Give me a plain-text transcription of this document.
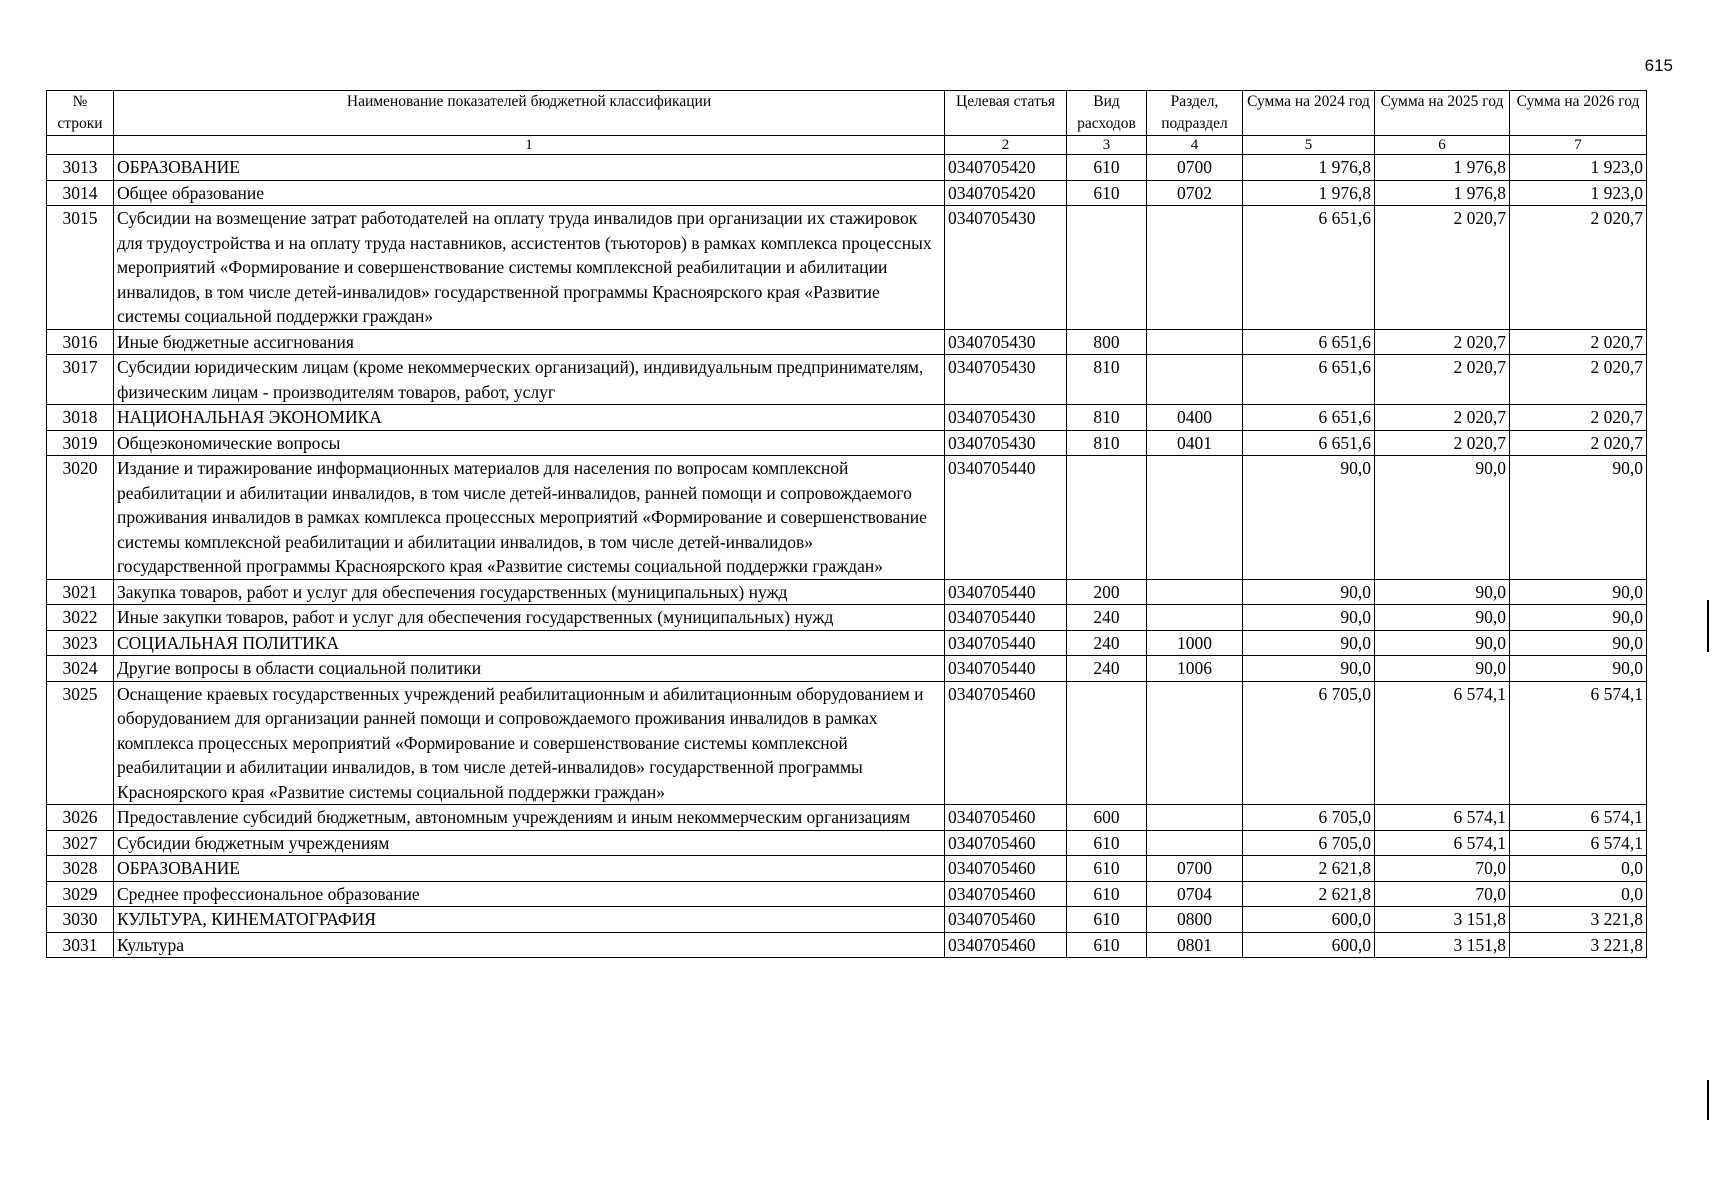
615
№ строки	Наименование показателей бюджетной классификации	Целевая статья	Вид расходов	Раздел, подраздел	Сумма на 2024 год	Сумма на 2025 год	Сумма на 2026 год
	1	2	3	4	5	6	7
3013	ОБРАЗОВАНИЕ	0340705420	610	0700	1 976,8	1 976,8	1 923,0
3014	Общее образование	0340705420	610	0702	1 976,8	1 976,8	1 923,0
3015	Субсидии на возмещение затрат работодателей на оплату труда инвалидов при организации их стажировок для трудоустройства и на оплату труда наставников, ассистентов (тьюторов) в рамках комплекса процессных мероприятий «Формирование и совершенствование системы комплексной реабилитации и абилитации инвалидов, в том числе детей-инвалидов» государственной программы Красноярского края «Развитие системы социальной поддержки граждан»	0340705430			6 651,6	2 020,7	2 020,7
3016	Иные бюджетные ассигнования	0340705430	800		6 651,6	2 020,7	2 020,7
3017	Субсидии юридическим лицам (кроме некоммерческих организаций), индивидуальным предпринимателям, физическим лицам - производителям товаров, работ, услуг	0340705430	810		6 651,6	2 020,7	2 020,7
3018	НАЦИОНАЛЬНАЯ ЭКОНОМИКА	0340705430	810	0400	6 651,6	2 020,7	2 020,7
3019	Общеэкономические вопросы	0340705430	810	0401	6 651,6	2 020,7	2 020,7
3020	Издание и тиражирование информационных материалов для населения по вопросам комплексной реабилитации и абилитации инвалидов, в том числе детей-инвалидов, ранней помощи и сопровождаемого проживания инвалидов в рамках комплекса процессных мероприятий «Формирование и совершенствование системы комплексной реабилитации и абилитации инвалидов, в том числе детей-инвалидов» государственной программы Красноярского края «Развитие системы социальной поддержки граждан»	0340705440			90,0	90,0	90,0
3021	Закупка товаров, работ и услуг для обеспечения государственных (муниципальных) нужд	0340705440	200		90,0	90,0	90,0
3022	Иные закупки товаров, работ и услуг для обеспечения государственных (муниципальных) нужд	0340705440	240		90,0	90,0	90,0
3023	СОЦИАЛЬНАЯ ПОЛИТИКА	0340705440	240	1000	90,0	90,0	90,0
3024	Другие вопросы в области социальной политики	0340705440	240	1006	90,0	90,0	90,0
3025	Оснащение краевых государственных учреждений реабилитационным и абилитационным оборудованием и оборудованием для организации ранней помощи и сопровождаемого проживания инвалидов в рамках комплекса процессных мероприятий «Формирование и совершенствование системы комплексной реабилитации и абилитации инвалидов, в том числе детей-инвалидов» государственной программы Красноярского края «Развитие системы социальной поддержки граждан»	0340705460			6 705,0	6 574,1	6 574,1
3026	Предоставление субсидий бюджетным, автономным учреждениям и иным некоммерческим организациям	0340705460	600		6 705,0	6 574,1	6 574,1
3027	Субсидии бюджетным учреждениям	0340705460	610		6 705,0	6 574,1	6 574,1
3028	ОБРАЗОВАНИЕ	0340705460	610	0700	2 621,8	70,0	0,0
3029	Среднее профессиональное образование	0340705460	610	0704	2 621,8	70,0	0,0
3030	КУЛЬТУРА, КИНЕМАТОГРАФИЯ	0340705460	610	0800	600,0	3 151,8	3 221,8
3031	Культура	0340705460	610	0801	600,0	3 151,8	3 221,8
